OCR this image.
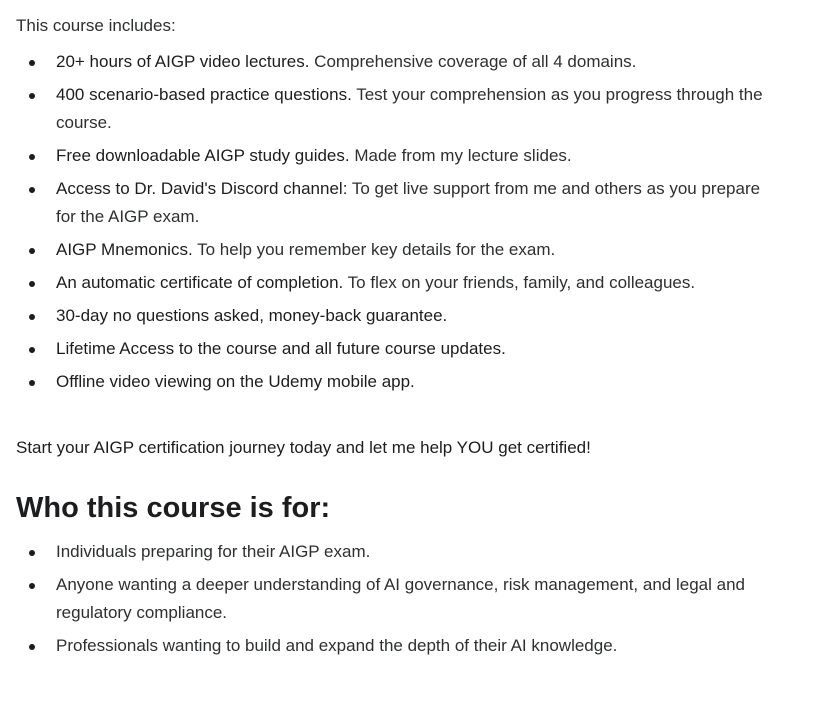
This course includes:

20+ hours of AIGP video lectures. Comprehensive coverage of all 4 domains.
400 scenario-based practice questions. Test your comprehension as you progress through the course.
Free downloadable AIGP study guides. Made from my lecture slides.
Access to Dr. David's Discord channel: To get live support from me and others as you prepare for the AIGP exam.
AIGP Mnemonics. To help you remember key details for the exam.
An automatic certificate of completion. To flex on your friends, family, and colleagues.
30-day no questions asked, money-back guarantee.
Lifetime Access to the course and all future course updates.
Offline video viewing on the Udemy mobile app.

Start your AIGP certification journey today and let me help YOU get certified!

Who this course is for:
Individuals preparing for their AIGP exam.
Anyone wanting a deeper understanding of AI governance, risk management, and legal and regulatory compliance.
Professionals wanting to build and expand the depth of their AI knowledge.
